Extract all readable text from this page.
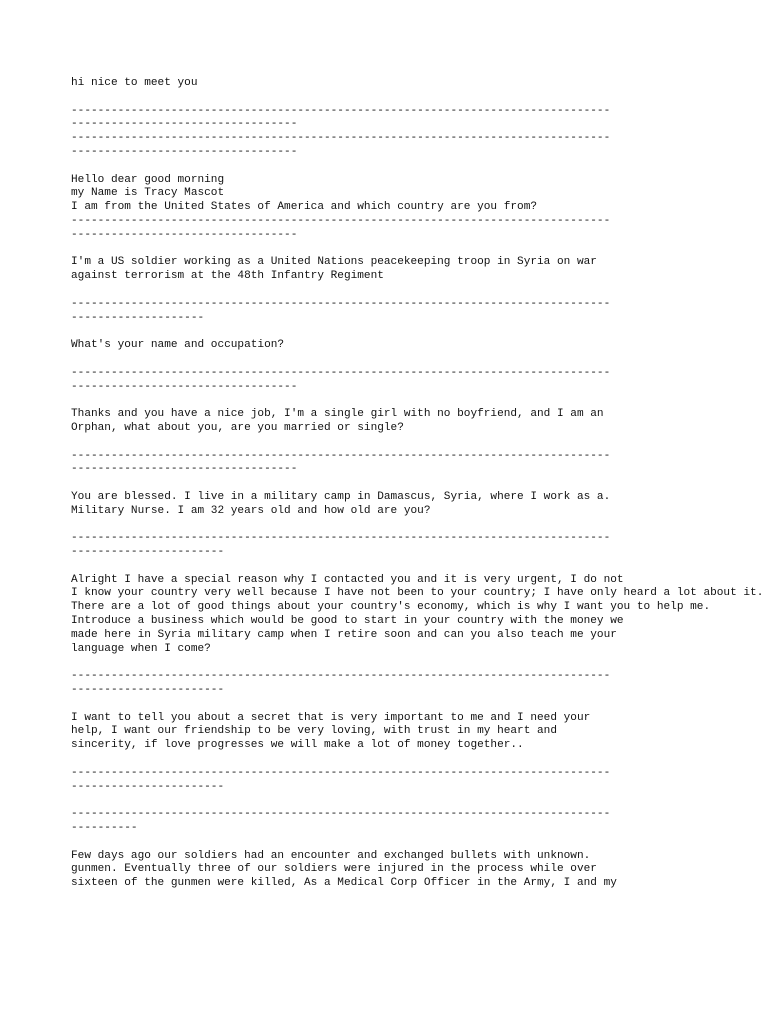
hi nice to meet you
---------------------------------------------------------------------------------
----------------------------------
---------------------------------------------------------------------------------
----------------------------------
Hello dear good morning
my Name is Tracy Mascot
I am from the United States of America and which country are you from?
---------------------------------------------------------------------------------
----------------------------------
I'm a US soldier working as a United Nations peacekeeping troop in Syria on war
against terrorism at the 48th Infantry Regiment
---------------------------------------------------------------------------------
--------------------
What's your name and occupation?
---------------------------------------------------------------------------------
----------------------------------
Thanks and you have a nice job, I'm a single girl with no boyfriend, and I am an
Orphan, what about you, are you married or single?
---------------------------------------------------------------------------------
----------------------------------
You are blessed. I live in a military camp in Damascus, Syria, where I work as a.
Military Nurse. I am 32 years old and how old are you?
---------------------------------------------------------------------------------
-----------------------
Alright I have a special reason why I contacted you and it is very urgent, I do not
I know your country very well because I have not been to your country; I have only heard a lot about it.
There are a lot of good things about your country's economy, which is why I want you to help me.
Introduce a business which would be good to start in your country with the money we
made here in Syria military camp when I retire soon and can you also teach me your
language when I come?
---------------------------------------------------------------------------------
-----------------------
I want to tell you about a secret that is very important to me and I need your
help, I want our friendship to be very loving, with trust in my heart and
sincerity, if love progresses we will make a lot of money together..
---------------------------------------------------------------------------------
-----------------------
---------------------------------------------------------------------------------
----------
Few days ago our soldiers had an encounter and exchanged bullets with unknown.
gunmen. Eventually three of our soldiers were injured in the process while over
sixteen of the gunmen were killed, As a Medical Corp Officer in the Army, I and my
